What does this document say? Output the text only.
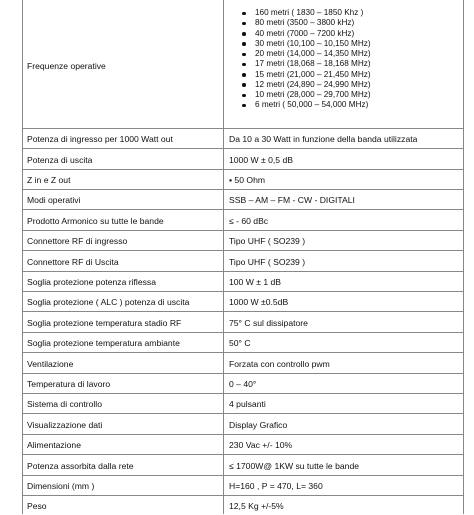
Frequenze operative
160 metri ( 1830 – 1850 Khz )
80 metri (3500 – 3800 kHz)
40 metri (7000 – 7200 kHz)
30 metri (10,100 – 10,150 MHz)
20 metri (14,000 – 14,350 MHz)
17 metri (18,068 – 18,168 MHz)
15 metri (21,000 – 21,450 MHz)
12 metri (24,890 – 24,990 MHz)
10 metri (28,000 – 29,700 MHz)
6 metri ( 50,000 – 54,000 MHz)
Potenza di ingresso per 1000 Watt out	Da 10 a 30 Watt in funzione della banda utilizzata
Potenza di uscita	1000 W ± 0,5 dB
Z in e Z out	▪ 50 Ohm
Modi operativi	SSB – AM – FM - CW - DIGITALI
Prodotto Armonico su tutte le bande	≤ - 60 dBc
Connettore RF di ingresso	Tipo UHF ( SO239 )
Connettore RF di Uscita	Tipo UHF ( SO239 )
Soglia protezione potenza riflessa	100 W ± 1 dB
Soglia protezione ( ALC ) potenza di uscita	1000 W ±0.5dB
Soglia protezione temperatura stadio RF	75° C sul dissipatore
Soglia protezione temperatura ambiante	50° C
Ventilazione	Forzata con controllo pwm
Temperatura di lavoro	0 – 40°
Sistema di controllo	4 pulsanti
Visualizzazione dati	Display Grafico
Alimentazione	230 Vac +/- 10%
Potenza assorbita dalla rete	≤ 1700W@ 1KW su tutte le bande
Dimensioni (mm )	H=160 , P = 470, L= 360
Peso	12,5 Kg +/-5%
